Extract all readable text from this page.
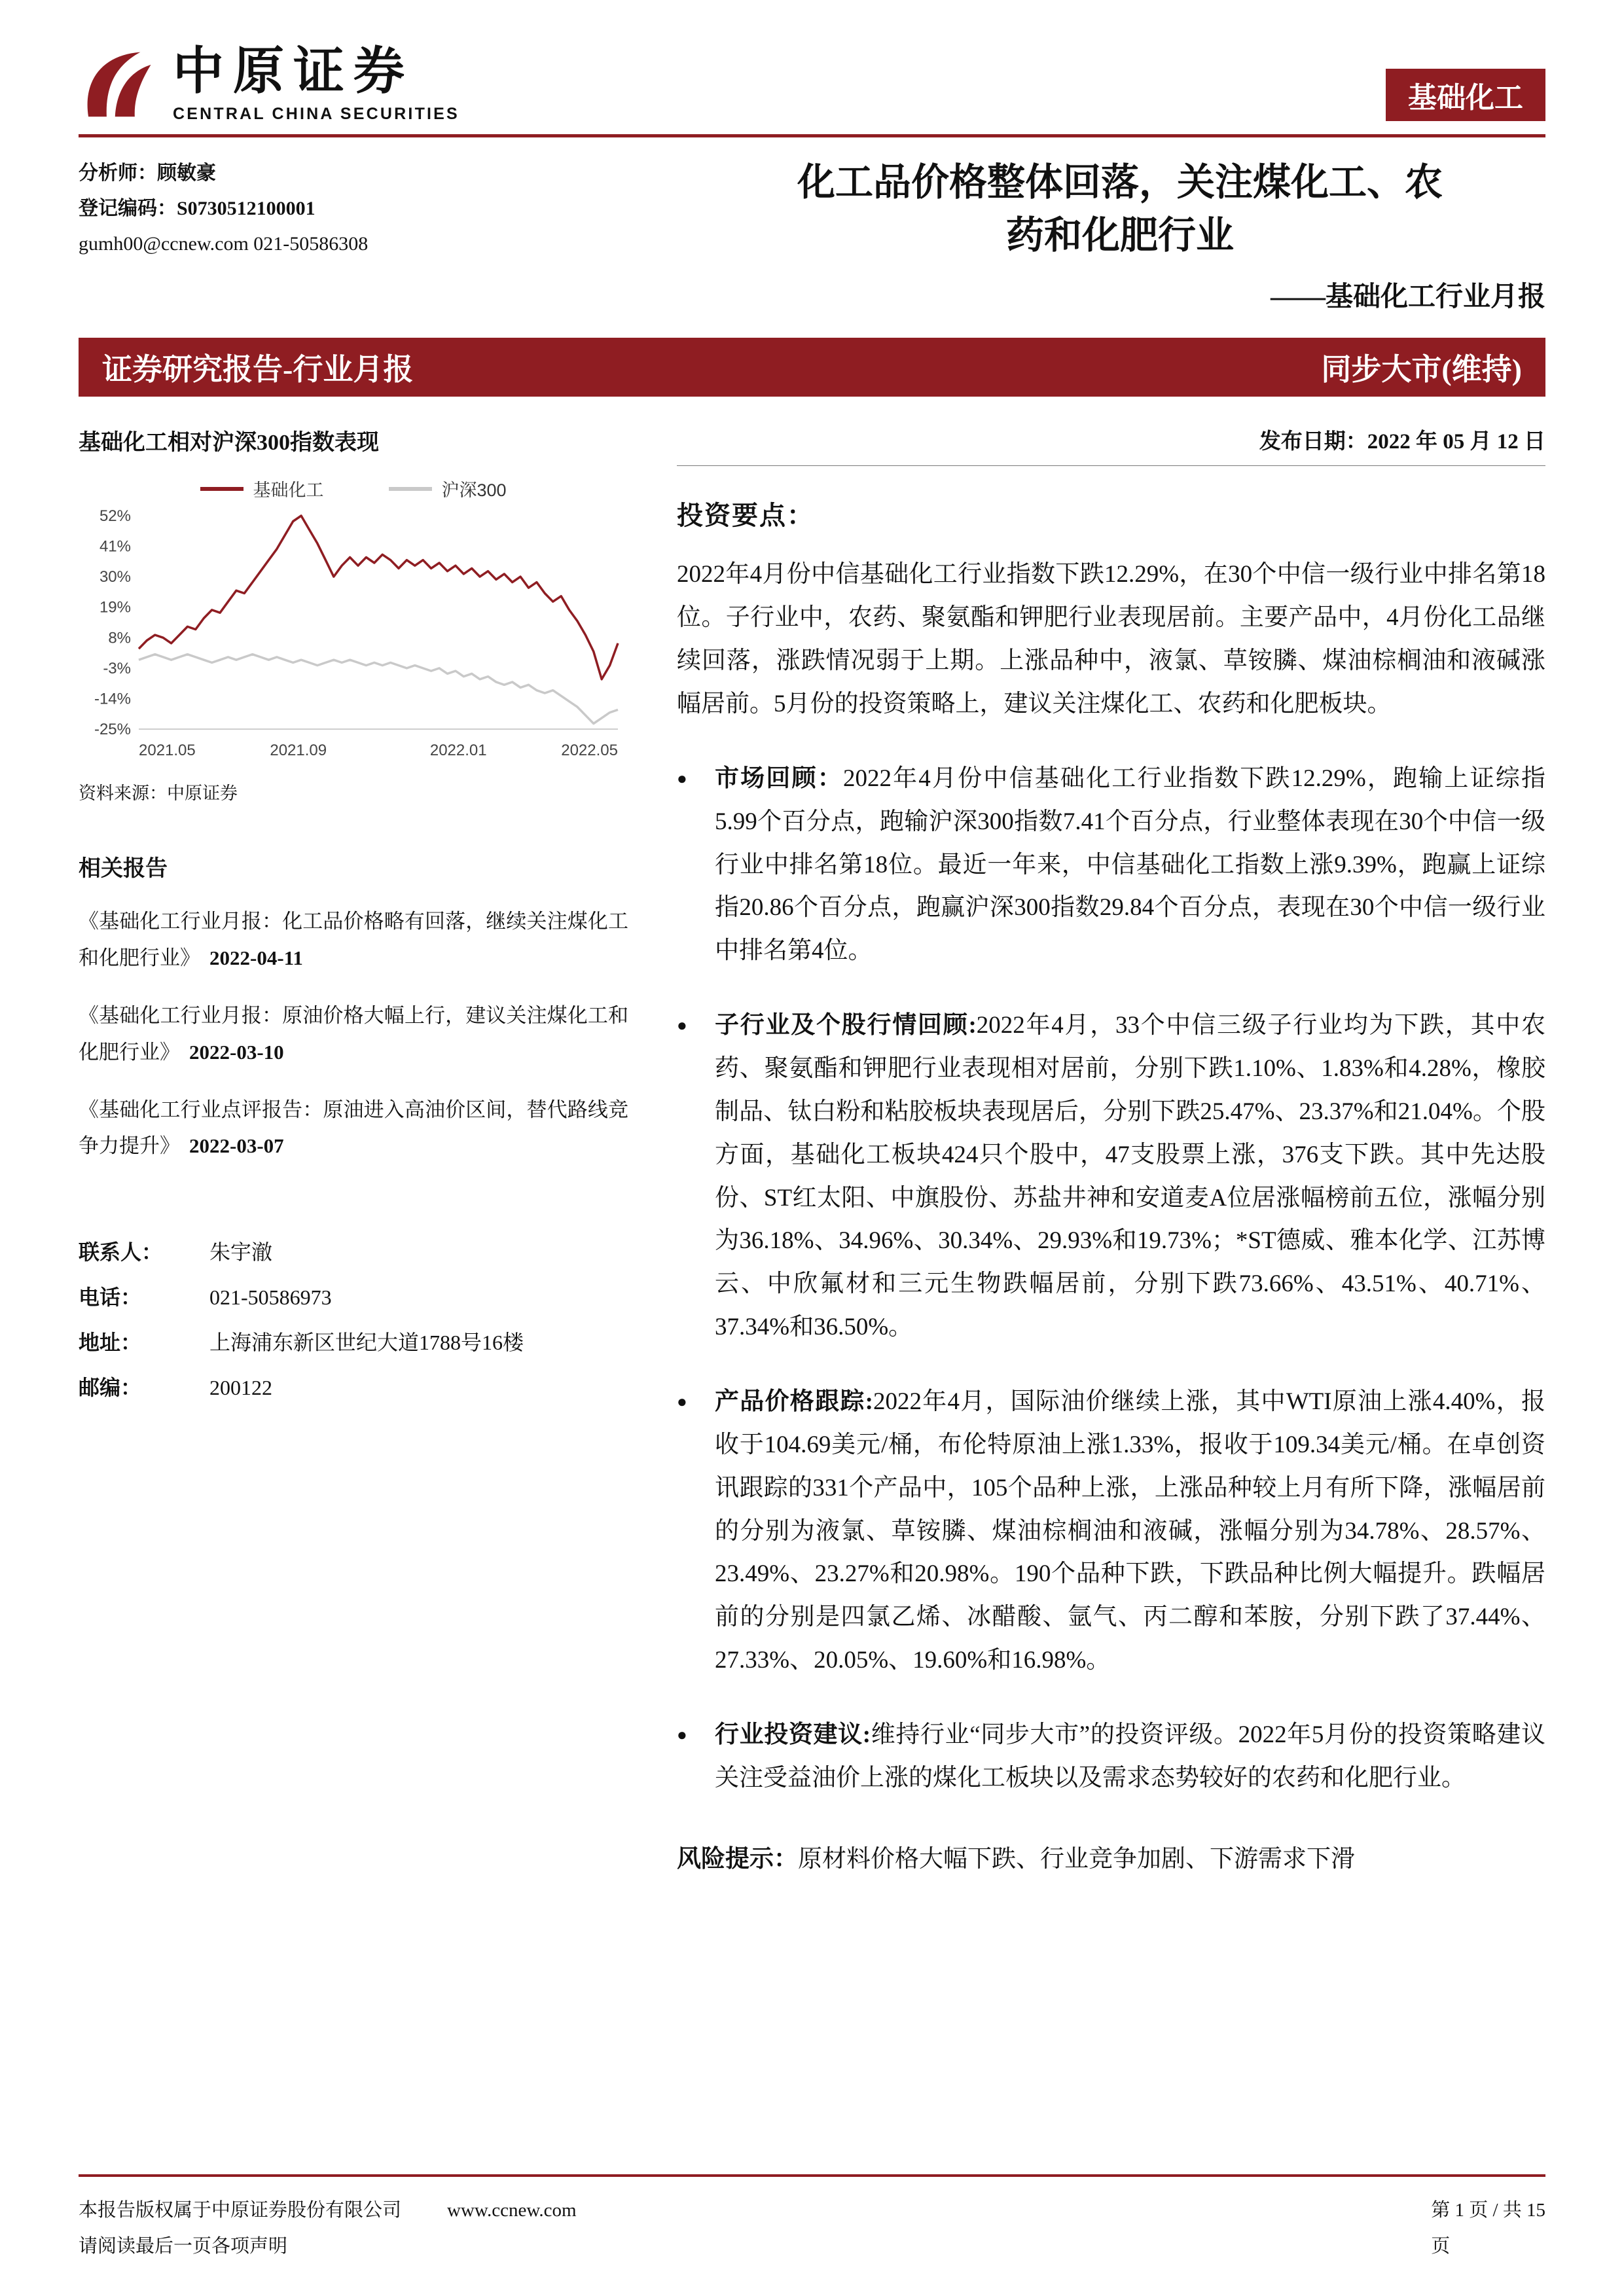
中原证券
CENTRAL CHINA SECURITIES	基础化工
分析师：顾敏豪
登记编码：S0730512100001
gumh00@ccnew.com 021-50586308
化工品价格整体回落，关注煤化工、农
药和化肥行业
——基础化工行业月报
证券研究报告-行业月报	同步大市(维持)
基础化工相对沪深300指数表现
基础化工	沪深300
52%
41%
30%
19%
8%
-3%
-14%
-25%
2021.05	2021.09	2022.01	2022.05
资料来源：中原证券
相关报告
《基础化工行业月报：化工品价格略有回落，继续关注煤化工和化肥行业》 2022-04-11
《基础化工行业月报：原油价格大幅上行，建议关注煤化工和化肥行业》 2022-03-10
《基础化工行业点评报告：原油进入高油价区间，替代路线竞争力提升》 2022-03-07
联系人：	朱宇澈
电话：	021-50586973
地址：	上海浦东新区世纪大道1788号16楼
邮编：	200122
发布日期：2022 年 05 月 12 日
投资要点：
2022年4月份中信基础化工行业指数下跌12.29%，在30个中信一级行业中排名第18位。子行业中，农药、聚氨酯和钾肥行业表现居前。主要产品中，4月份化工品继续回落，涨跌情况弱于上期。上涨品种中，液氯、草铵膦、煤油棕榈油和液碱涨幅居前。5月份的投资策略上，建议关注煤化工、农药和化肥板块。
●	市场回顾：2022年4月份中信基础化工行业指数下跌12.29%，跑输上证综指5.99个百分点，跑输沪深300指数7.41个百分点，行业整体表现在30个中信一级行业中排名第18位。最近一年来，中信基础化工指数上涨9.39%，跑赢上证综指20.86个百分点，跑赢沪深300指数29.84个百分点，表现在30个中信一级行业中排名第4位。
●	子行业及个股行情回顾:2022年4月，33个中信三级子行业均为下跌，其中农药、聚氨酯和钾肥行业表现相对居前，分别下跌1.10%、1.83%和4.28%，橡胶制品、钛白粉和粘胶板块表现居后，分别下跌25.47%、23.37%和21.04%。个股方面，基础化工板块424只个股中，47支股票上涨，376支下跌。其中先达股份、ST红太阳、中旗股份、苏盐井神和安道麦A位居涨幅榜前五位，涨幅分别为36.18%、34.96%、30.34%、29.93%和19.73%；*ST德威、雅本化学、江苏博云、中欣氟材和三元生物跌幅居前，分别下跌73.66%、43.51%、40.71%、37.34%和36.50%。
●	产品价格跟踪:2022年4月，国际油价继续上涨，其中WTI原油上涨4.40%，报收于104.69美元/桶，布伦特原油上涨1.33%，报收于109.34美元/桶。在卓创资讯跟踪的331个产品中，105个品种上涨，上涨品种较上月有所下降，涨幅居前的分别为液氯、草铵膦、煤油棕榈油和液碱，涨幅分别为34.78%、28.57%、23.49%、23.27%和20.98%。190个品种下跌，下跌品种比例大幅提升。跌幅居前的分别是四氯乙烯、冰醋酸、氩气、丙二醇和苯胺，分别下跌了37.44%、27.33%、20.05%、19.60%和16.98%。
●	行业投资建议:维持行业“同步大市”的投资评级。2022年5月份的投资策略建议关注受益油价上涨的煤化工板块以及需求态势较好的农药和化肥行业。
风险提示：原材料价格大幅下跌、行业竞争加剧、下游需求下滑
本报告版权属于中原证券股份有限公司 www.ccnew.com
请阅读最后一页各项声明
第 1 页 / 共 15
页
